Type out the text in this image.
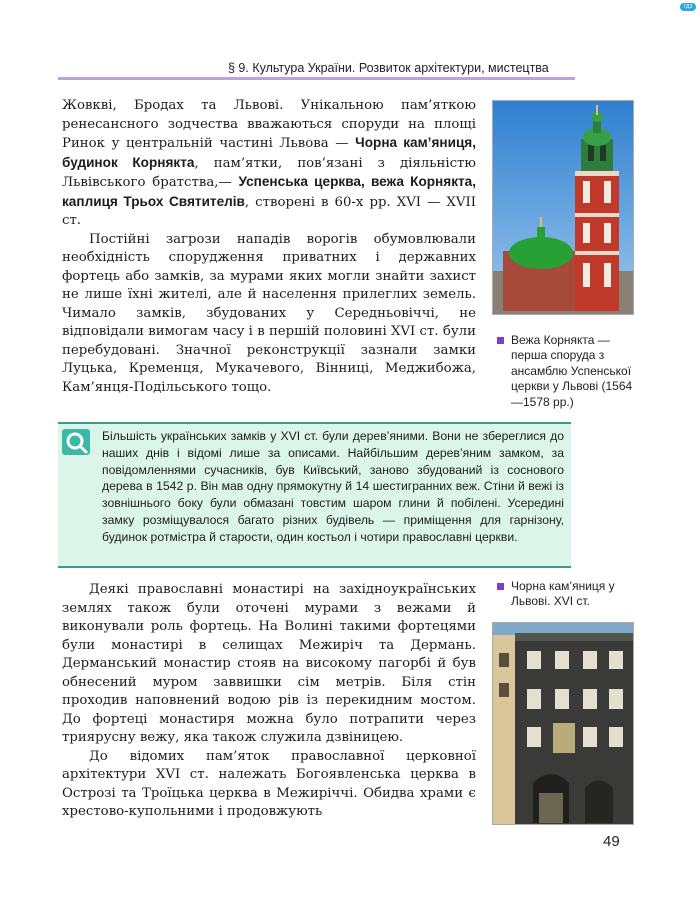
ГДЗ
§ 9. Культура України. Розвиток архітектури, мистецтва

Жовкві, Бродах та Львові. Унікальною пам’яткою ренесансного зодчества вважаються споруди на площі Ринок у центральній частині Львова — Чорна кам’яниця, будинок Корнякта, пам’ятки, пов’язані з діяльністю Львівського братства,— Успенська церква, вежа Корнякта, каплиця Трьох Святителів, створені в 60-х рр. XVI — XVII ст.

Постійні загрози нападів ворогів обумовлювали необхідність спорудження приватних і державних фортець або замків, за мурами яких могли знайти захист не лише їхні жителі, але й населення прилеглих земель. Чимало замків, збудованих у Середньовіччі, не відповідали вимогам часу і в першій половині XVI ст. були перебудовані. Значної реконструкції зазнали замки Луцька, Кременця, Мукачевого, Вінниці, Меджибожа, Кам’янця-Подільського тощо.

Вежа Корнякта — перша споруда з ансамблю Успенської церкви у Львові (1564—1578 рр.)

Більшість українських замків у XVI ст. були дерев’яними. Вони не збереглися до наших днів і відомі лише за описами. Найбільшим дерев’яним замком, за повідомленнями сучасників, був Київський, заново збудований із соснового дерева в 1542 р. Він мав одну прямокутну й 14 шестигранних веж. Стіни й вежі із зовнішнього боку були обмазані товстим шаром глини й побілені. Усередині замку розміщувалося багато різних будівель — приміщення для гарнізону, будинок ротмістра й старости, один костьол і чотири православні церкви.

Деякі православні монастирі на західноукраїнських землях також були оточені мурами з вежами й виконували роль фортець. На Волині такими фортецями були монастирі в селищах Межиріч та Дермань. Дерманський монастир стояв на високому пагорбі й був обнесений муром заввишки сім метрів. Біля стін проходив наповнений водою рів із перекидним мостом. До фортеці монастиря можна було потрапити через триярусну вежу, яка також служила дзвіницею.
До відомих пам’яток православної церковної архітектури XVI ст. належать Богоявленська церква в Острозі та Троїцька церква в Межиріччі. Обидва храми є хрестово-купольними і продовжують

Чорна кам’яниця у Львові. XVI ст.

49
